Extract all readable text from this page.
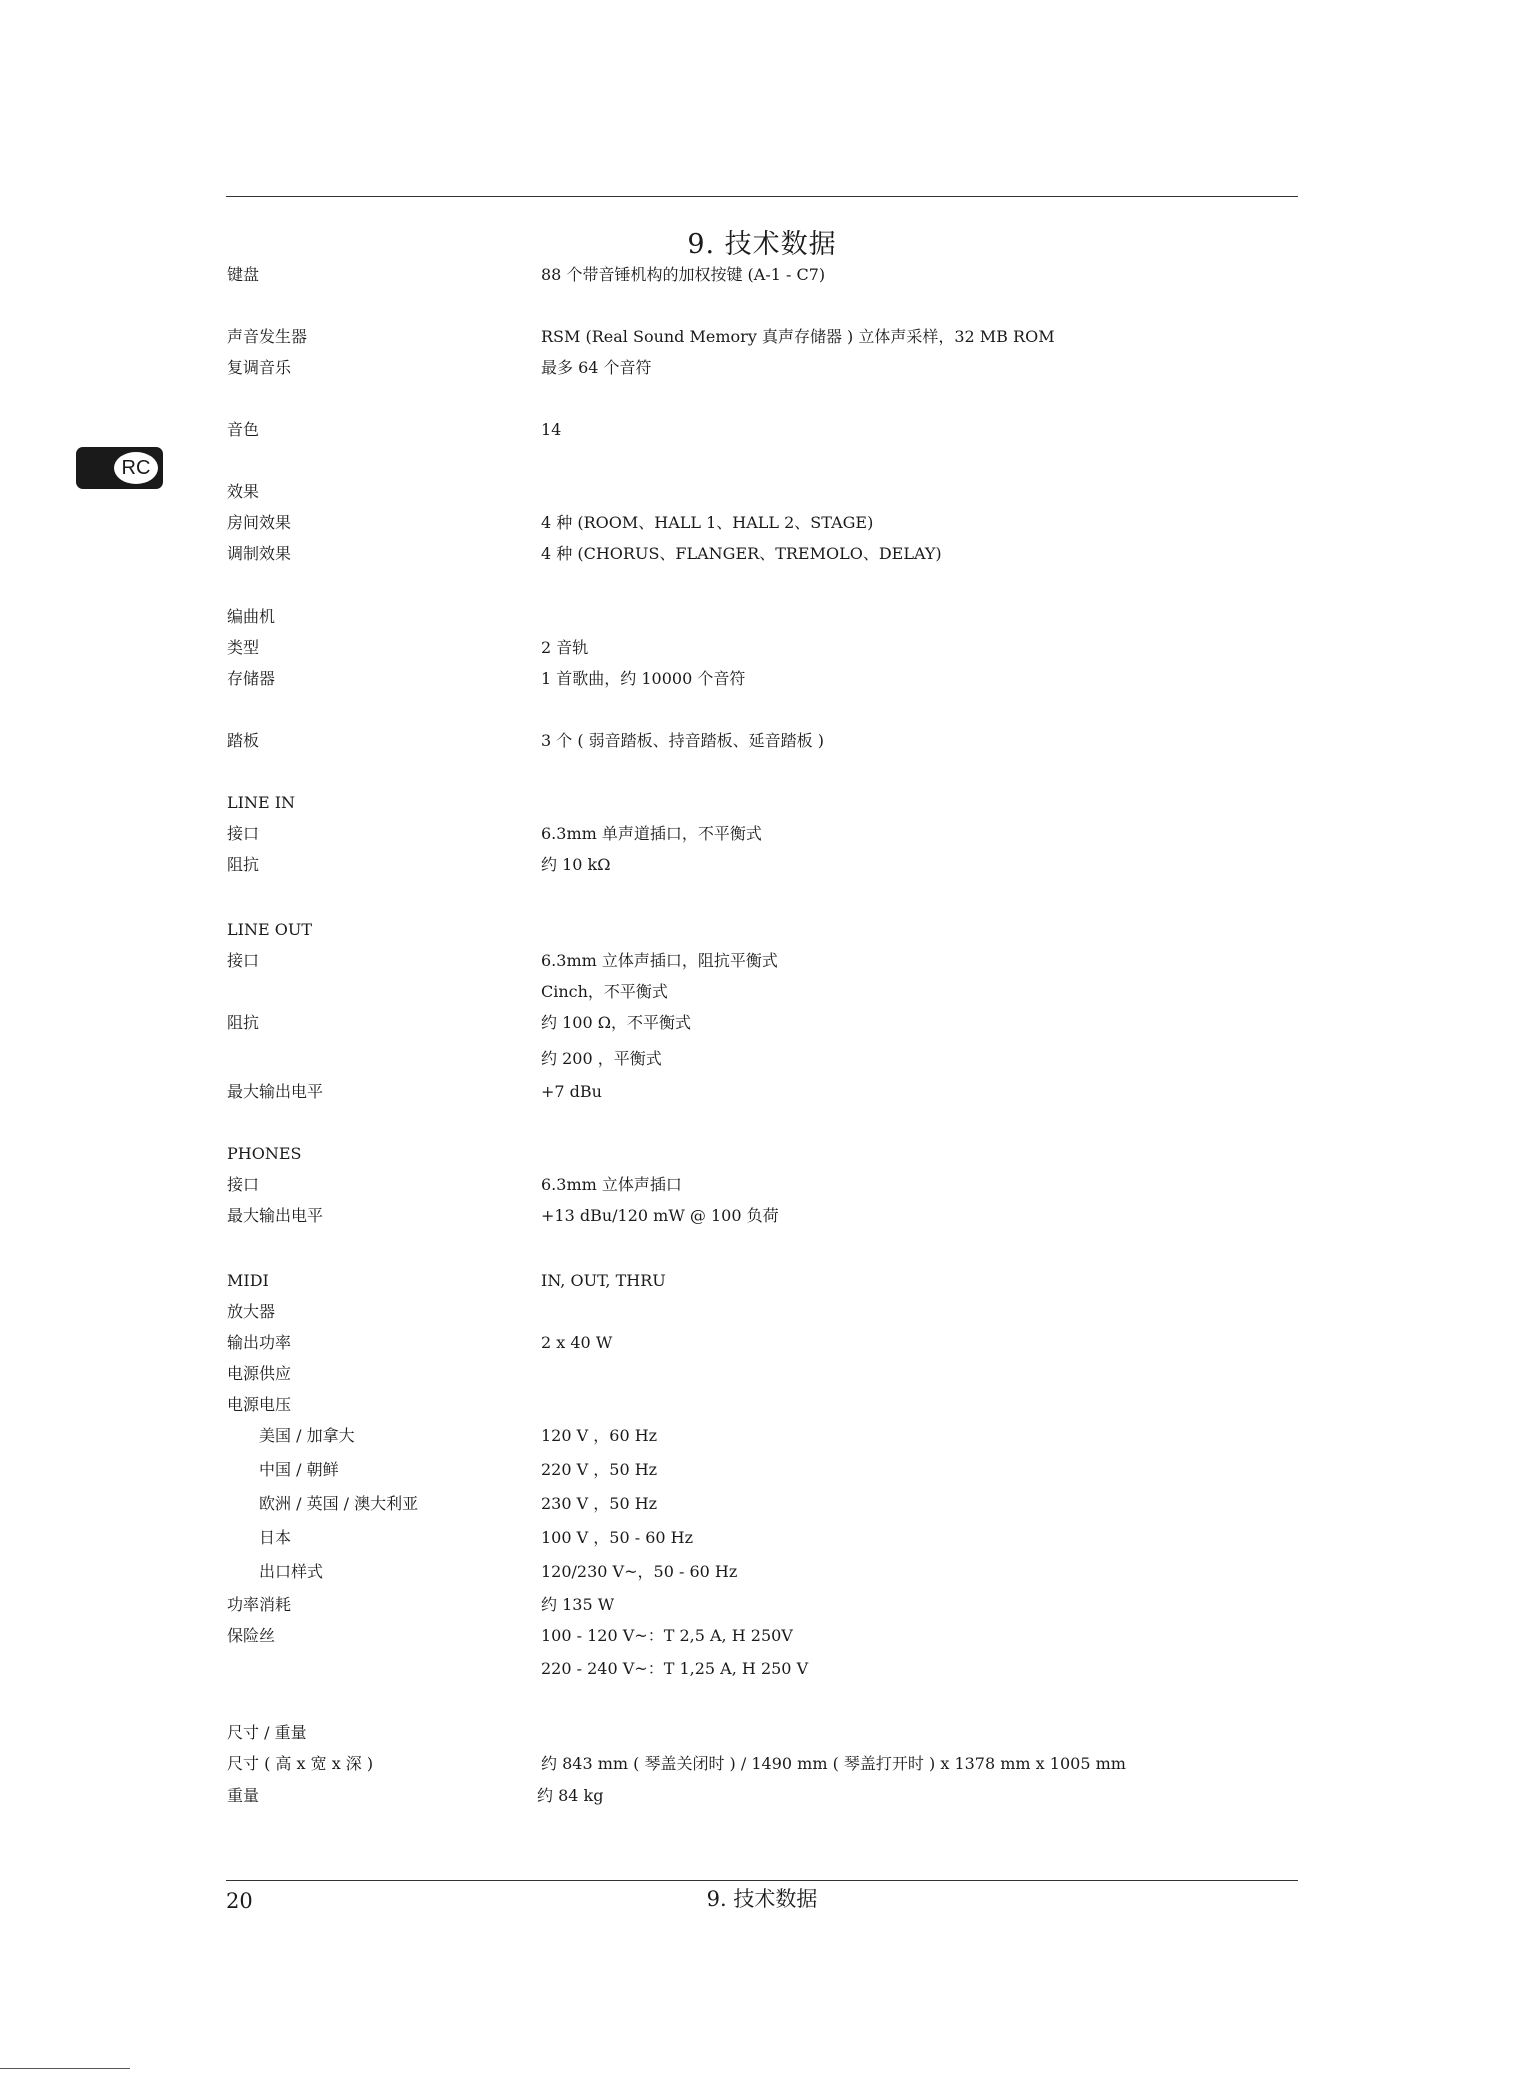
9. 技术数据
RC
键盘	88 个带音锤机构的加权按键 (A-1 - C7)
声音发生器	RSM (Real Sound Memory 真声存储器 ) 立体声采样，32 MB ROM
复调音乐	最多 64 个音符
音色	14
效果
房间效果	4 种 (ROOM、HALL 1、HALL 2、STAGE)
调制效果	4 种 (CHORUS、FLANGER、TREMOLO、DELAY)
编曲机
类型	2 音轨
存储器	1 首歌曲，约 10000 个音符
踏板	3 个 ( 弱音踏板、持音踏板、延音踏板 )
LINE IN
接口	6.3mm 单声道插口，不平衡式
阻抗	约 10 kΩ
LINE OUT
接口	6.3mm 立体声插口，阻抗平衡式
Cinch，不平衡式
阻抗	约 100 Ω，不平衡式
约 200 ，平衡式
最大输出电平	+7 dBu
PHONES
接口	6.3mm 立体声插口
最大输出电平	+13 dBu/120 mW @ 100 负荷
MIDI	IN, OUT, THRU
放大器
输出功率	2 x 40 W
电源供应
电源电压
美国 / 加拿大	120 V ，60 Hz
中国 / 朝鲜	220 V ，50 Hz
欧洲 / 英国 / 澳大利亚	230 V ，50 Hz
日本	100 V ，50 - 60 Hz
出口样式	120/230 V~，50 - 60 Hz
功率消耗	约 135 W
保险丝	100 - 120 V~：T 2,5 A, H 250V
220 - 240 V~：T 1,25 A, H 250 V
尺寸 / 重量
尺寸 ( 高 x 宽 x 深 )	约 843 mm ( 琴盖关闭时 ) / 1490 mm ( 琴盖打开时 ) x 1378 mm x 1005 mm
重量	约 84 kg
20	9. 技术数据
